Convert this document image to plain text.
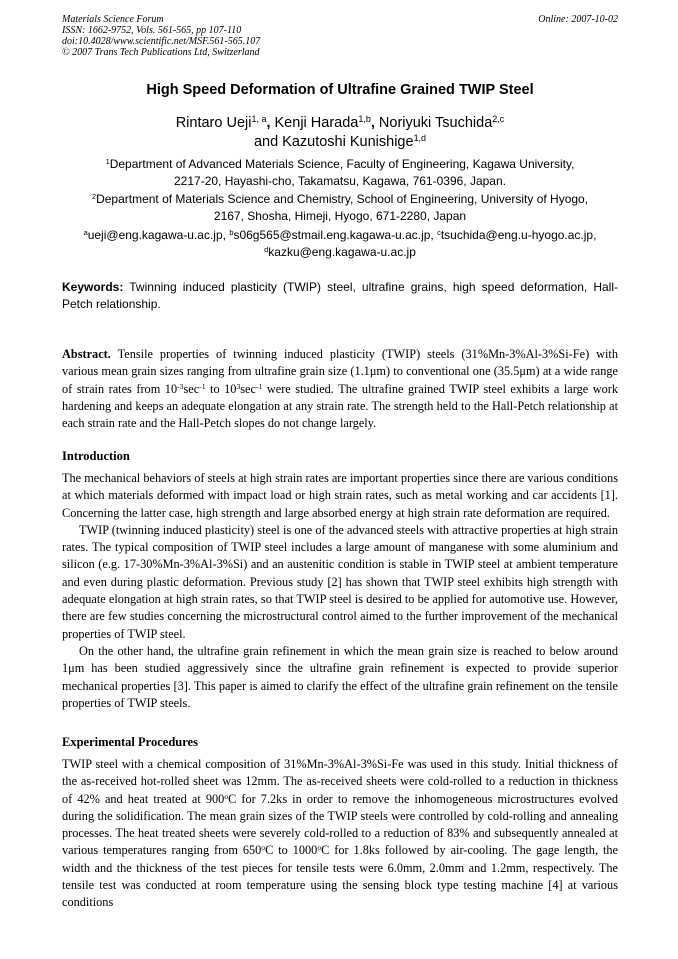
Materials Science Forum
ISSN: 1662-9752, Vols. 561-565, pp 107-110
doi:10.4028/www.scientific.net/MSF.561-565.107
© 2007 Trans Tech Publications Ltd, Switzerland
Online: 2007-10-02
High Speed Deformation of Ultrafine Grained TWIP Steel
Rintaro Ueji$^{1, a}$, Kenji Harada$^{1,b}$, Noriyuki Tsuchida$^{2,c}$
and Kazutoshi Kunishige$^{1,d}$
$^1$Department of Advanced Materials Science, Faculty of Engineering, Kagawa University,
2217-20, Hayashi-cho, Takamatsu, Kagawa, 761-0396, Japan.
$^2$Department of Materials Science and Chemistry, School of Engineering, University of Hyogo,
2167, Shosha, Himeji, Hyogo, 671-2280, Japan
$^a$ueji@eng.kagawa-u.ac.jp, $^b$s06g565@stmail.eng.kagawa-u.ac.jp, $^c$tsuchida@eng.u-hyogo.ac.jp,
$^d$kazku@eng.kagawa-u.ac.jp
Keywords: Twinning induced plasticity (TWIP) steel, ultrafine grains, high speed deformation, Hall-Petch relationship.
Abstract. Tensile properties of twinning induced plasticity (TWIP) steels (31%Mn-3%Al-3%Si-Fe) with various mean grain sizes ranging from ultrafine grain size (1.1μm) to conventional one (35.5μm) at a wide range of strain rates from $10^{-3}\sec^{-1}$ to $10^3\sec^{-1}$ were studied. The ultrafine grained TWIP steel exhibits a large work hardening and keeps an adequate elongation at any strain rate. The strength held to the Hall-Petch relationship at each strain rate and the Hall-Petch slopes do not change largely.
Introduction

The mechanical behaviors of steels at high strain rates are important properties since there are various conditions at which materials deformed with impact load or high strain rates, such as metal working and car accidents [1]. Concerning the latter case, high strength and large absorbed energy at high strain rate deformation are required.

TWIP (twinning induced plasticity) steel is one of the advanced steels with attractive properties at high strain rates. The typical composition of TWIP steel includes a large amount of manganese with some aluminium and silicon (e.g. 17-30%Mn-3%Al-3%Si) and an austenitic condition is stable in TWIP steel at ambient temperature and even during plastic deformation. Previous study [2] has shown that TWIP steel exhibits high strength with adequate elongation at high strain rates, so that TWIP steel is desired to be applied for automotive use. However, there are few studies concerning the microstructural control aimed to the further improvement of the mechanical properties of TWIP steel.

On the other hand, the ultrafine grain refinement in which the mean grain size is reached to below around 1μm has been studied aggressively since the ultrafine grain refinement is expected to provide superior mechanical properties [3]. This paper is aimed to clarify the effect of the ultrafine grain refinement on the tensile properties of TWIP steels.

Experimental Procedures

TWIP steel with a chemical composition of 31%Mn-3%Al-3%Si-Fe was used in this study. Initial thickness of the as-received hot-rolled sheet was 12mm. The as-received sheets were cold-rolled to a reduction in thickness of 42% and heat treated at 900$^o$C for 7.2ks in order to remove the inhomogeneous microstructures evolved during the solidification. The mean grain sizes of the TWIP steels were controlled by cold-rolling and annealing processes. The heat treated sheets were severely cold-rolled to a reduction of 83% and subsequently annealed at various temperatures ranging from 650$^o$C to 1000$^o$C for 1.8ks followed by air-cooling. The gage length, the width and the thickness of the test pieces for tensile tests were 6.0mm, 2.0mm and 1.2mm, respectively. The tensile test was conducted at room temperature using the sensing block type testing machine [4] at various conditions
